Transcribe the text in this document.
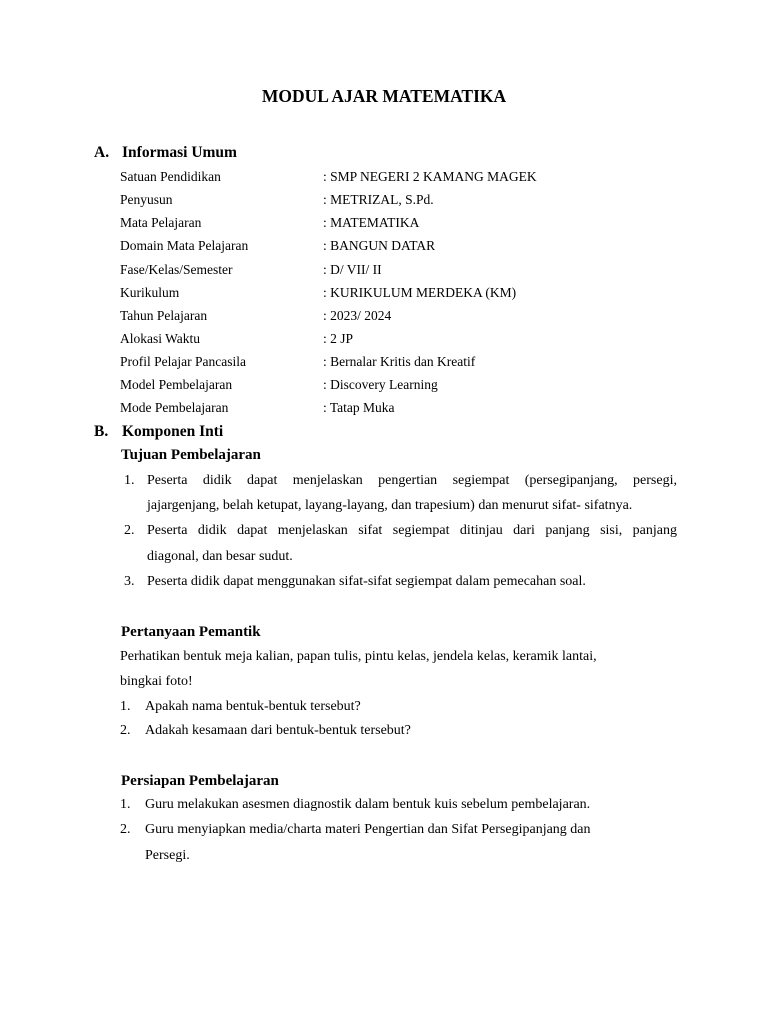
MODUL AJAR MATEMATIKA
A. Informasi Umum
Satuan Pendidikan	: SMP NEGERI 2 KAMANG MAGEK
Penyusun	: METRIZAL, S.Pd.
Mata Pelajaran	: MATEMATIKA
Domain Mata Pelajaran	: BANGUN DATAR
Fase/Kelas/Semester	: D/ VII/ II
Kurikulum	: KURIKULUM MERDEKA (KM)
Tahun Pelajaran	: 2023/ 2024
Alokasi Waktu	: 2 JP
Profil Pelajar Pancasila	: Bernalar Kritis dan Kreatif
Model Pembelajaran	: Discovery Learning
Mode Pembelajaran	: Tatap Muka
B. Komponen Inti
Tujuan Pembelajaran
1. Peserta didik dapat menjelaskan pengertian segiempat (persegipanjang, persegi,
jajargenjang, belah ketupat, layang-layang, dan trapesium) dan menurut sifat- sifatnya.
2. Peserta didik dapat menjelaskan sifat segiempat ditinjau dari panjang sisi, panjang
diagonal, dan besar sudut.
3. Peserta didik dapat menggunakan sifat-sifat segiempat dalam pemecahan soal.
Pertanyaan Pemantik
Perhatikan bentuk meja kalian, papan tulis, pintu kelas, jendela kelas, keramik lantai,
bingkai foto!
1. Apakah nama bentuk-bentuk tersebut?
2. Adakah kesamaan dari bentuk-bentuk tersebut?
Persiapan Pembelajaran
1. Guru melakukan asesmen diagnostik dalam bentuk kuis sebelum pembelajaran.
2. Guru menyiapkan media/charta materi Pengertian dan Sifat Persegipanjang dan
Persegi.
